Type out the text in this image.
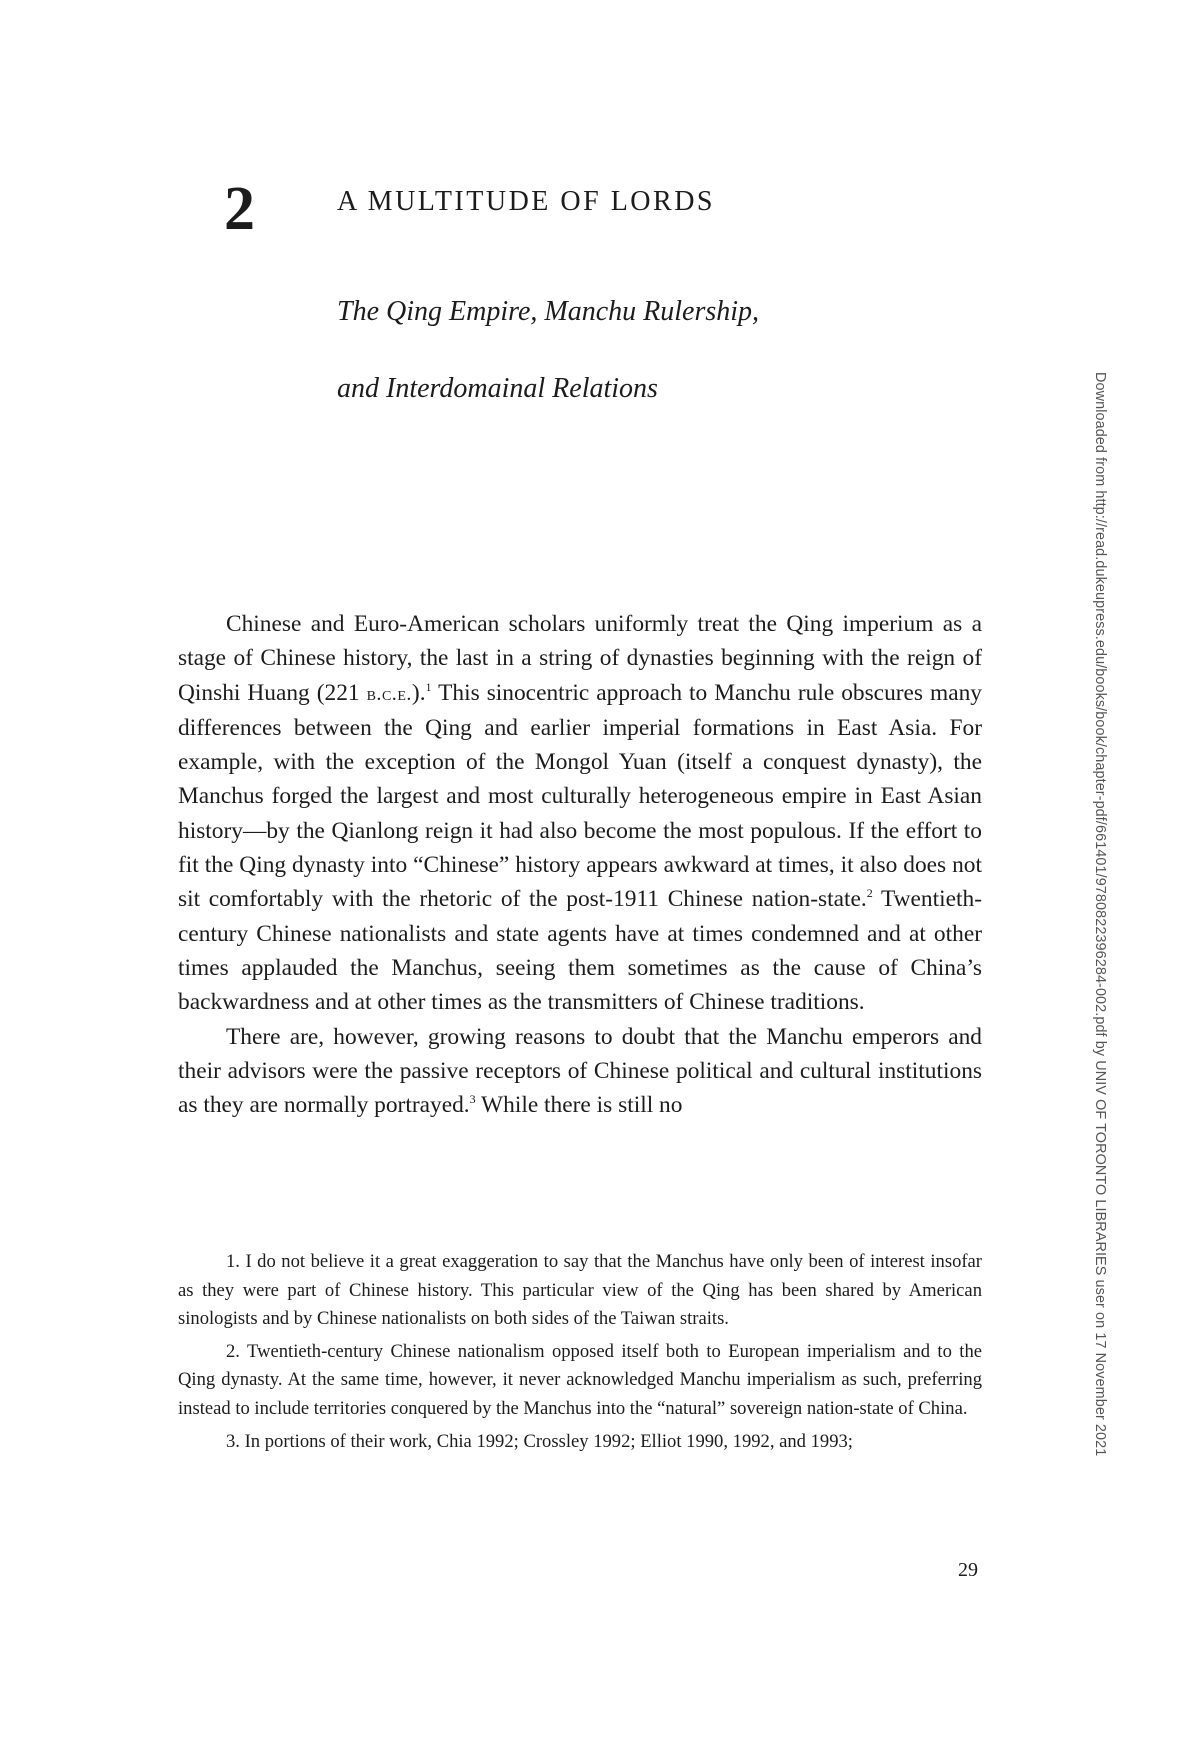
2	A MULTITUDE OF LORDS
The Qing Empire, Manchu Rulership,
and Interdomainal Relations

Chinese and Euro-American scholars uniformly treat the Qing imperium as a stage of Chinese history, the last in a string of dynasties beginning with the reign of Qinshi Huang (221 b.c.e.).$^1$ This sinocentric approach to Manchu rule obscures many differences between the Qing and earlier imperial formations in East Asia. For example, with the exception of the Mongol Yuan (itself a conquest dynasty), the Manchus forged the largest and most culturally heterogeneous empire in East Asian history—by the Qianlong reign it had also become the most populous. If the effort to fit the Qing dynasty into “Chinese” history appears awkward at times, it also does not sit comfortably with the rhetoric of the post-1911 Chinese nation-state.$^2$ Twentieth-century Chinese nationalists and state agents have at times condemned and at other times applauded the Manchus, seeing them sometimes as the cause of China’s backwardness and at other times as the transmitters of Chinese traditions.

There are, however, growing reasons to doubt that the Manchu emperors and their advisors were the passive receptors of Chinese political and cultural institutions as they are normally portrayed.$^3$ While there is still no

1. I do not believe it a great exaggeration to say that the Manchus have only been of interest insofar as they were part of Chinese history. This particular view of the Qing has been shared by American sinologists and by Chinese nationalists on both sides of the Taiwan straits.

2. Twentieth-century Chinese nationalism opposed itself both to European imperialism and to the Qing dynasty. At the same time, however, it never acknowledged Manchu imperialism as such, preferring instead to include territories conquered by the Manchus into the “natural” sovereign nation-state of China.

3. In portions of their work, Chia 1992; Crossley 1992; Elliot 1990, 1992, and 1993;

29
Downloaded from http://read.dukeupress.edu/books/book/chapter-pdf/661401/9780822396284-002.pdf by UNIV OF TORONTO LIBRARIES user on 17 November 2021
